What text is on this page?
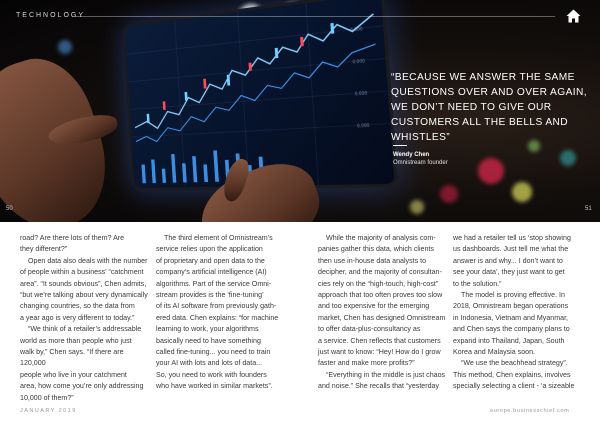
0.000
0.000
0.000
0.000
TECHNOLOGY
“BECAUSE WE ANSWER THE SAME QUESTIONS OVER AND OVER AGAIN, WE DON’T NEED TO GIVE OUR CUSTOMERS ALL THE BELLS AND WHISTLES”
Wendy Chen
Omnistream founder
50	51

road? Are there lots of them? Are
they different?”

Open data also deals with the number
of people within a business’ “catchment
area”. “It sounds obvious”, Chen admits,
“but we’re talking about very dynamically
changing countries, so the data from
a year ago is very different to today.”

“We think of a retailer’s addressable
world as more than people who just
walk by,” Chen says. “If there are 120,000
people who live in your catchment
area, how come you’re only addressing
10,000 of them?”

The third element of Omnistream’s
service relies upon the application
of proprietary and open data to the
company’s artificial intelligence (AI)
algorithms. Part of the service Omni-
stream provides is the ‘fine-tuning’
of its AI software from previously gath-
ered data. Chen explains: “for machine
learning to work, your algorithms
basically need to have something
called fine-tuning... you need to train
your AI with lots and lots of data...
So, you need to work with founders
who have worked in similar markets”.

While the majority of analysis com-
panies gather this data, which clients
then use in-house data analysts to
decipher, and the majority of consultan-
cies rely on the “high-touch, high-cost”
approach that too often proves too slow
and too expensive for the emerging
market, Chen has designed Omnistream
to offer data-plus-consultancy as
a service. Chen reflects that customers
just want to know: “Hey! How do I grow
faster and make more profits?”

“Everything in the middle is just chaos
and noise.” She recalls that “yesterday

we had a retailer tell us ‘stop showing
us dashboards. Just tell me what the
answer is and why... I don’t want to
see your data’, they just want to get
to the solution.”

The model is proving effective. In
2018, Omnistream began operations
in Indonesia, Vietnam and Myanmar,
and Chen says the company plans to
expand into Thailand, Japan, South
Korea and Malaysia soon.

“We use the beachhead strategy”.
This method, Chen explains, involves
specially selecting a client - ‘a sizeable

JANUARY 2019	europe.businesschief.com
